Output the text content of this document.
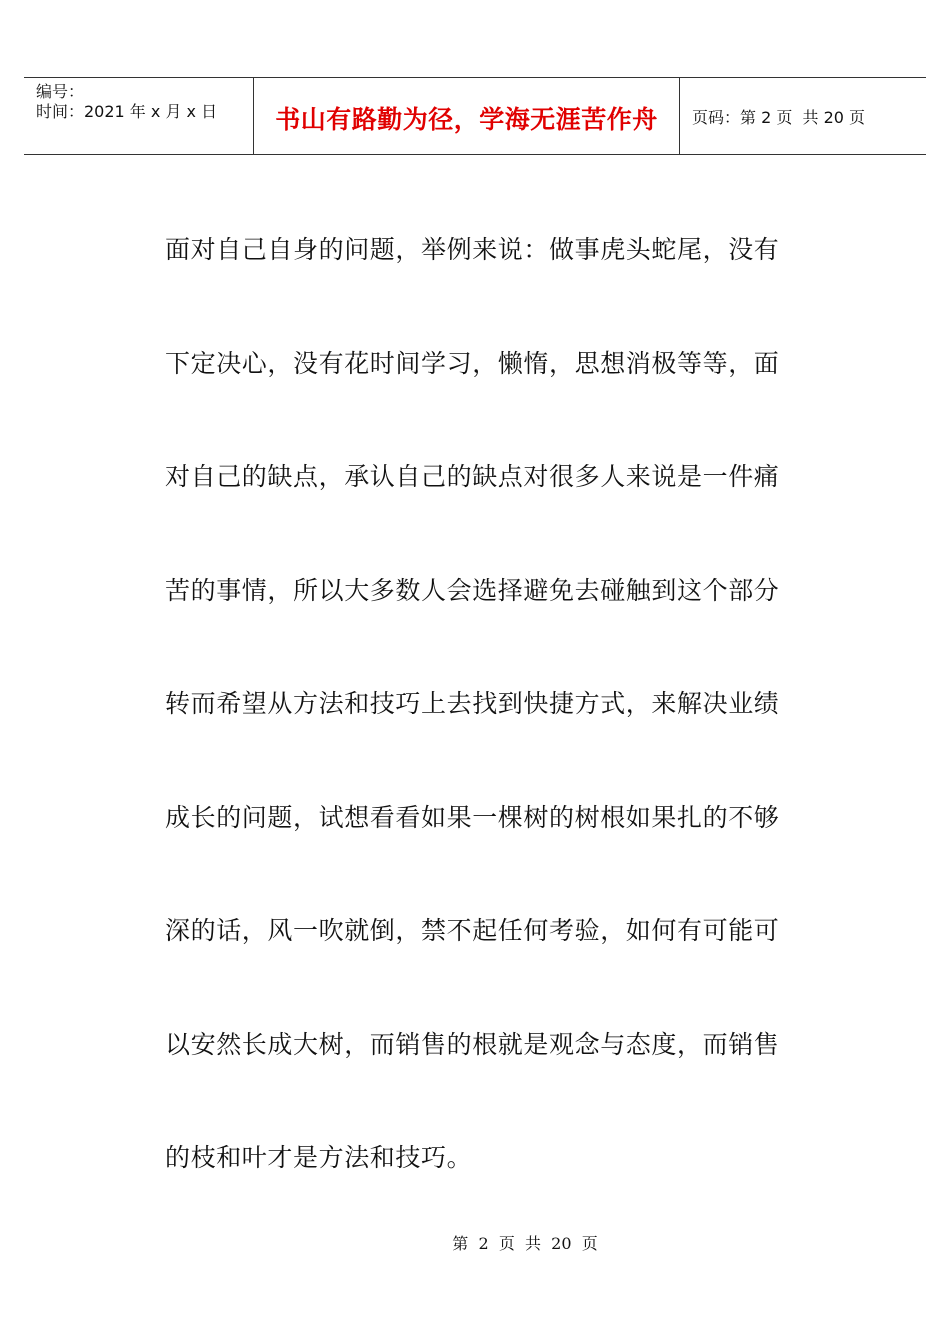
编号：
时间：2021 年 x 月 x 日	书山有路勤为径，学海无涯苦作舟	页码：第 2 页  共 20 页
面对自己自身的问题，举例来说：做事虎头蛇尾，没有
下定决心，没有花时间学习，懒惰，思想消极等等，面
对自己的缺点，承认自己的缺点对很多人来说是一件痛
苦的事情，所以大多数人会选择避免去碰触到这个部分
转而希望从方法和技巧上去找到快捷方式，来解决业绩
成长的问题，试想看看如果一棵树的树根如果扎的不够
深的话，风一吹就倒，禁不起任何考验，如何有可能可
以安然长成大树，而销售的根就是观念与态度，而销售
的枝和叶才是方法和技巧。
第  2  页  共  20  页
